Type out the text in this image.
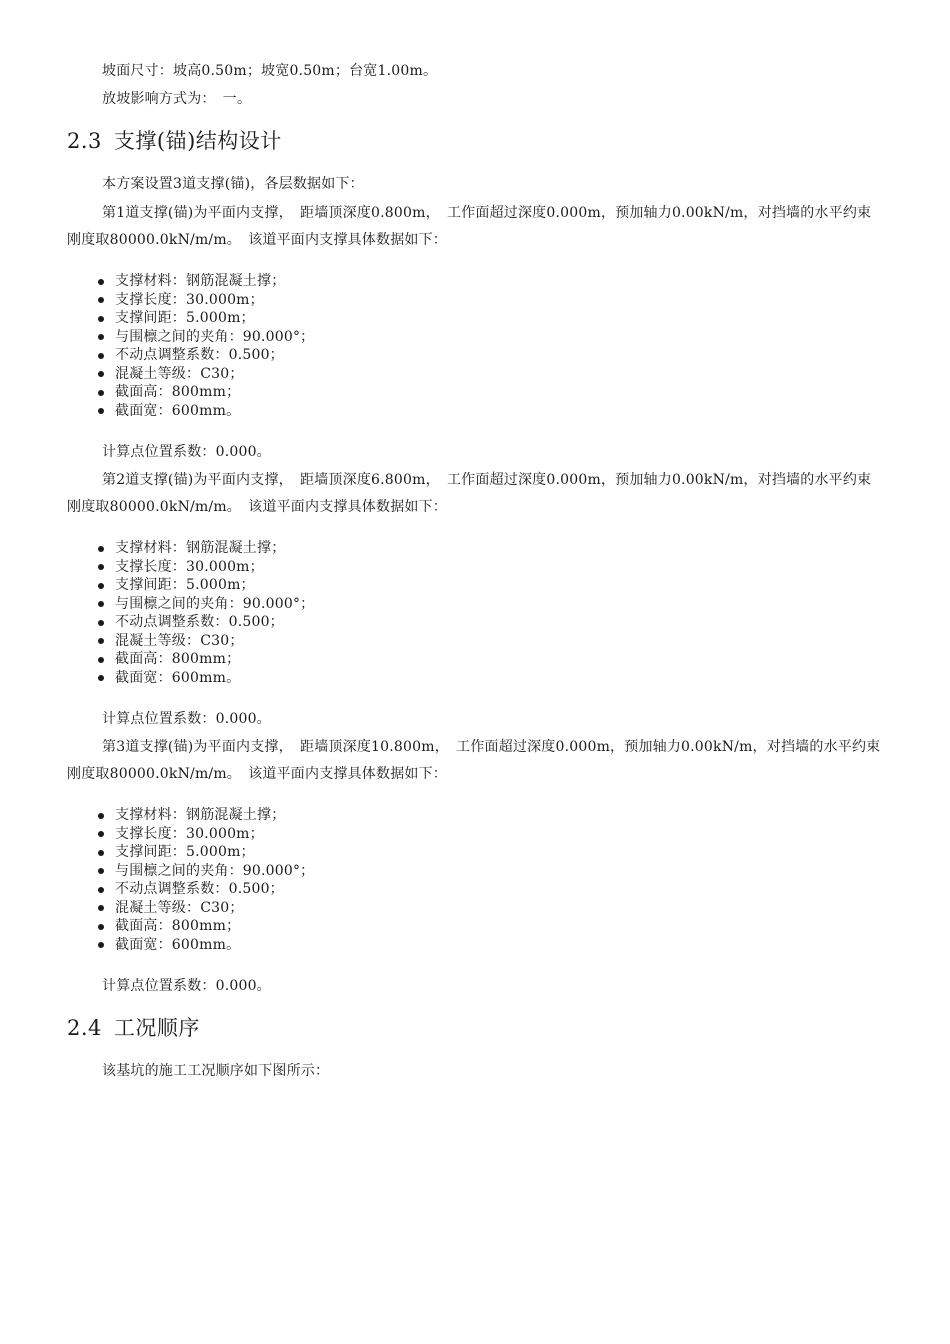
坡面尺寸：坡高0.50m；坡宽0.50m；台宽1.00m。

放坡影响方式为：　一。

2.3 支撑(锚)结构设计

本方案设置3道支撑(锚)，各层数据如下：

第1道支撑(锚)为平面内支撑，　距墙顶深度0.800m，　工作面超过深度0.000m，预加轴力0.00kN/m，对挡墙的水平约束刚度取80000.0kN/m/m。　该道平面内支撑具体数据如下：

支撑材料：钢筋混凝土撑；
支撑长度：30.000m；
支撑间距：5.000m；
与围檩之间的夹角：90.000°；
不动点调整系数：0.500；
混凝土等级：C30；
截面高：800mm；
截面宽：600mm。

计算点位置系数：0.000。

第2道支撑(锚)为平面内支撑，　距墙顶深度6.800m，　工作面超过深度0.000m，预加轴力0.00kN/m，对挡墙的水平约束刚度取80000.0kN/m/m。　该道平面内支撑具体数据如下：

支撑材料：钢筋混凝土撑；
支撑长度：30.000m；
支撑间距：5.000m；
与围檩之间的夹角：90.000°；
不动点调整系数：0.500；
混凝土等级：C30；
截面高：800mm；
截面宽：600mm。

计算点位置系数：0.000。

第3道支撑(锚)为平面内支撑，　距墙顶深度10.800m，　工作面超过深度0.000m，预加轴力0.00kN/m，对挡墙的水平约束刚度取80000.0kN/m/m。　该道平面内支撑具体数据如下：

支撑材料：钢筋混凝土撑；
支撑长度：30.000m；
支撑间距：5.000m；
与围檩之间的夹角：90.000°；
不动点调整系数：0.500；
混凝土等级：C30；
截面高：800mm；
截面宽：600mm。

计算点位置系数：0.000。

2.4 工况顺序

该基坑的施工工况顺序如下图所示：
